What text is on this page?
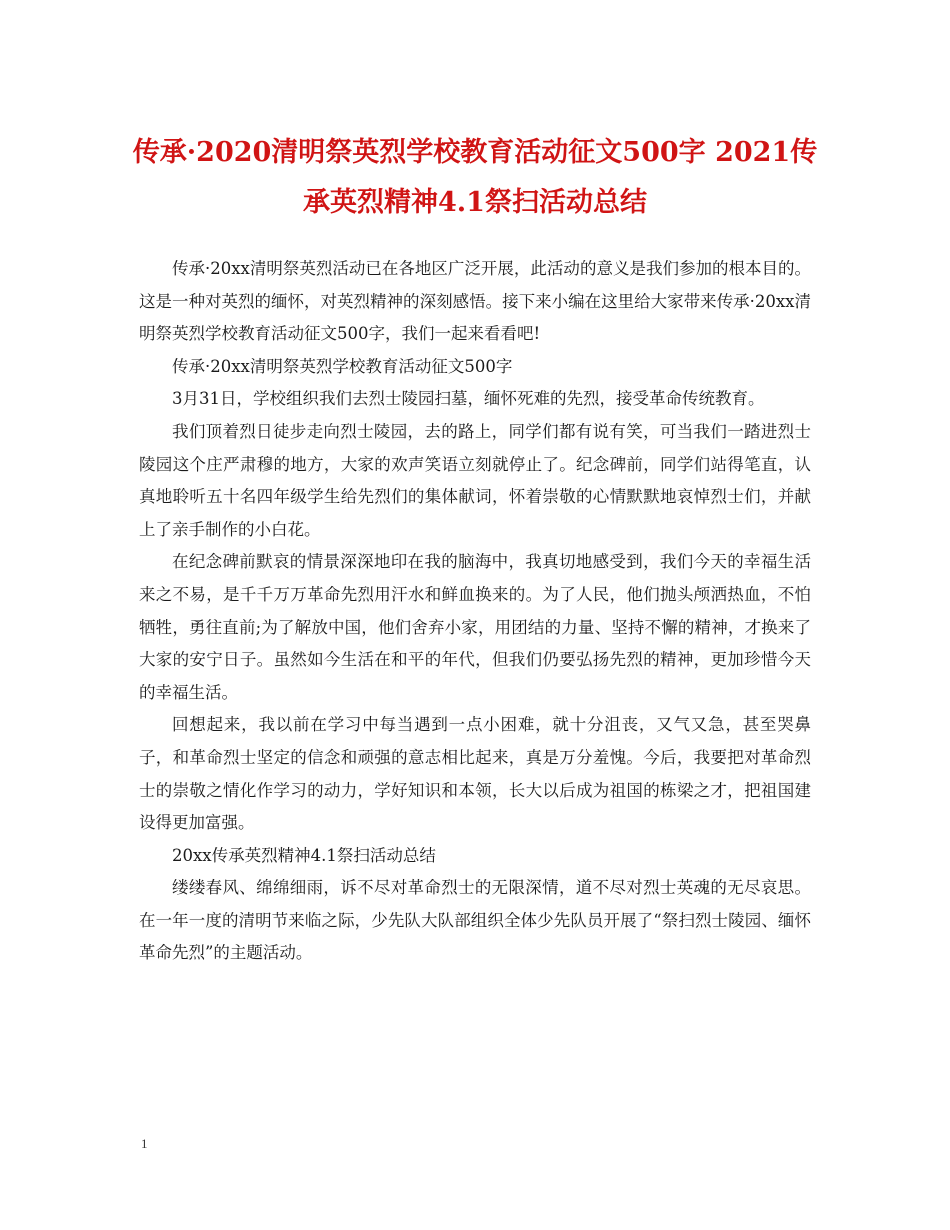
传承·2020清明祭英烈学校教育活动征文500字 2021传承英烈精神4.1祭扫活动总结

传承·20xx清明祭英烈活动已在各地区广泛开展，此活动的意义是我们参加的根本目的。这是一种对英烈的缅怀，对英烈精神的深刻感悟。接下来小编在这里给大家带来传承·20xx清明祭英烈学校教育活动征文500字，我们一起来看看吧!

传承·20xx清明祭英烈学校教育活动征文500字

3月31日，学校组织我们去烈士陵园扫墓，缅怀死难的先烈，接受革命传统教育。

我们顶着烈日徒步走向烈士陵园，去的路上，同学们都有说有笑，可当我们一踏进烈士陵园这个庄严肃穆的地方，大家的欢声笑语立刻就停止了。纪念碑前，同学们站得笔直，认真地聆听五十名四年级学生给先烈们的集体献词，怀着崇敬的心情默默地哀悼烈士们，并献上了亲手制作的小白花。

在纪念碑前默哀的情景深深地印在我的脑海中，我真切地感受到，我们今天的幸福生活来之不易，是千千万万革命先烈用汗水和鲜血换来的。为了人民，他们抛头颅洒热血，不怕牺牲，勇往直前;为了解放中国，他们舍弃小家，用团结的力量、坚持不懈的精神，才换来了大家的安宁日子。虽然如今生活在和平的年代，但我们仍要弘扬先烈的精神，更加珍惜今天的幸福生活。

回想起来，我以前在学习中每当遇到一点小困难，就十分沮丧，又气又急，甚至哭鼻子，和革命烈士坚定的信念和顽强的意志相比起来，真是万分羞愧。今后，我要把对革命烈士的崇敬之情化作学习的动力，学好知识和本领，长大以后成为祖国的栋梁之才，把祖国建设得更加富强。

20xx传承英烈精神4.1祭扫活动总结

缕缕春风、绵绵细雨，诉不尽对革命烈士的无限深情，道不尽对烈士英魂的无尽哀思。在一年一度的清明节来临之际，少先队大队部组织全体少先队员开展了“祭扫烈士陵园、缅怀革命先烈”的主题活动。

1
